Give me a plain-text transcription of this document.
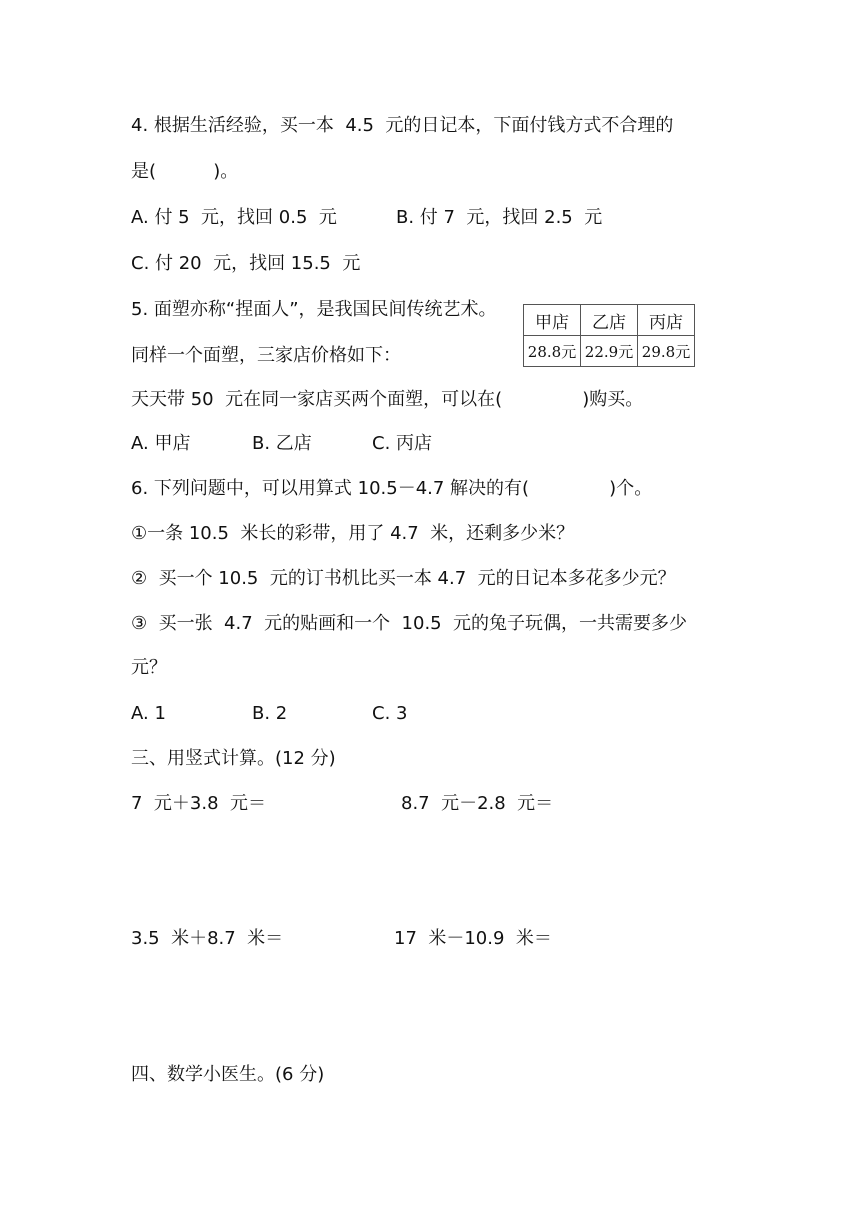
4. 根据生活经验，买一本  4.5  元的日记本，下面付钱方式不合理的
是(          )。
A. 付 5  元，找回 0.5  元	B. 付 7  元，找回 2.5  元
C. 付 20  元，找回 15.5  元
5. 面塑亦称“捏面人”，是我国民间传统艺术。
同样一个面塑，三家店价格如下：
甲店	乙店	丙店
28.8元	22.9元	29.8元
天天带 50  元在同一家店买两个面塑，可以在(              )购买。
A. 甲店	B. 乙店	C. 丙店
6. 下列问题中，可以用算式 10.5－4.7 解决的有(              )个。
①一条 10.5  米长的彩带，用了 4.7  米，还剩多少米？
②  买一个 10.5  元的订书机比买一本 4.7  元的日记本多花多少元？
③  买一张  4.7  元的贴画和一个  10.5  元的兔子玩偶，一共需要多少
元？
A. 1	B. 2	C. 3
三、用竖式计算。(12 分)
7  元＋3.8  元＝	8.7  元－2.8  元＝
3.5  米＋8.7  米＝	17  米－10.9  米＝
四、数学小医生。(6 分)
